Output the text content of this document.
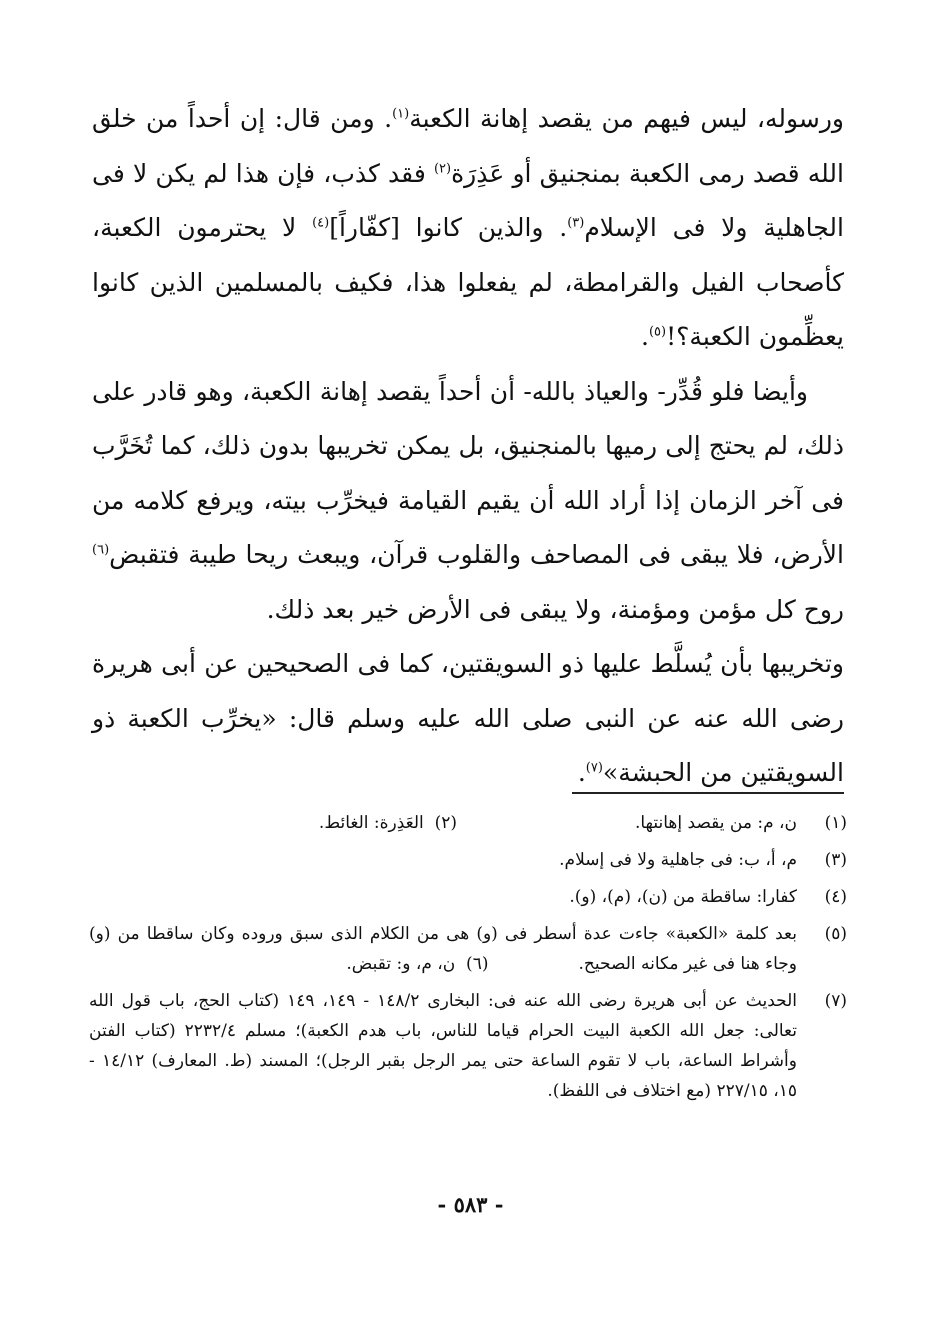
ورسوله، ليس فيهم من يقصد إهانة الكعبة$^{(١)}$. ومن قال: إن أحداً من خلق الله قصد رمى الكعبة بمنجنيق أو عَذِرَة$^{(٢)}$ فقد كذب، فإن هذا لم يكن لا فى الجاهلية ولا فى الإسلام$^{(٣)}$. والذين كانوا [كفّاراً]$^{(٤)}$ لا يحترمون الكعبة، كأصحاب الفيل والقرامطة، لم يفعلوا هذا، فكيف بالمسلمين الذين كانوا يعظِّمون الكعبة؟!$^{(٥)}$.

وأيضا فلو قُدِّر- والعياذ بالله- أن أحداً يقصد إهانة الكعبة، وهو قادر على ذلك، لم يحتج إلى رميها بالمنجنيق، بل يمكن تخريبها بدون ذلك، كما تُخَرَّب فى آخر الزمان إذا أراد الله أن يقيم القيامة فيخرِّب بيته، ويرفع كلامه من الأرض، فلا يبقى فى المصاحف والقلوب قرآن، ويبعث ريحا طيبة فتقبض$^{(٦)}$ روح كل مؤمن ومؤمنة، ولا يبقى فى الأرض خير بعد ذلك.

وتخريبها بأن يُسلَّط عليها ذو السويقتين، كما فى الصحيحين عن أبى هريرة رضى الله عنه عن النبى صلى الله عليه وسلم قال: «يخرِّب الكعبة ذو السويقتين من الحبشة»$^{(٧)}$.

(١)
ن، م: من يقصد إهانتها.(٢)  العَذِرة: الغائط.
(٣)
م، أ، ب: فى جاهلية ولا فى إسلام.
(٤)
كفارا: ساقطة من (ن)، (م)، (و).
(٥)
بعد كلمة «الكعبة» جاءت عدة أسطر فى (و) هى من الكلام الذى سبق وروده وكان ساقطا من (و) وجاء هنا فى غير مكانه الصحيح.(٦)  ن، م، و: تقبض.
(٧)
الحديث عن أبى هريرة رضى الله عنه فى: البخارى ١٤٨/٢ - ١٤٩، ١٤٩ (كتاب الحج، باب قول الله تعالى: جعل الله الكعبة البيت الحرام قياما للناس، باب هدم الكعبة)؛ مسلم ٢٢٣٢/٤ (كتاب الفتن وأشراط الساعة، باب لا تقوم الساعة حتى يمر الرجل بقبر الرجل)؛ المسند (ط. المعارف) ١٤/١٢ - ١٥، ٢٢٧/١٥ (مع اختلاف فى اللفظ).
- ٥٨٣ -
